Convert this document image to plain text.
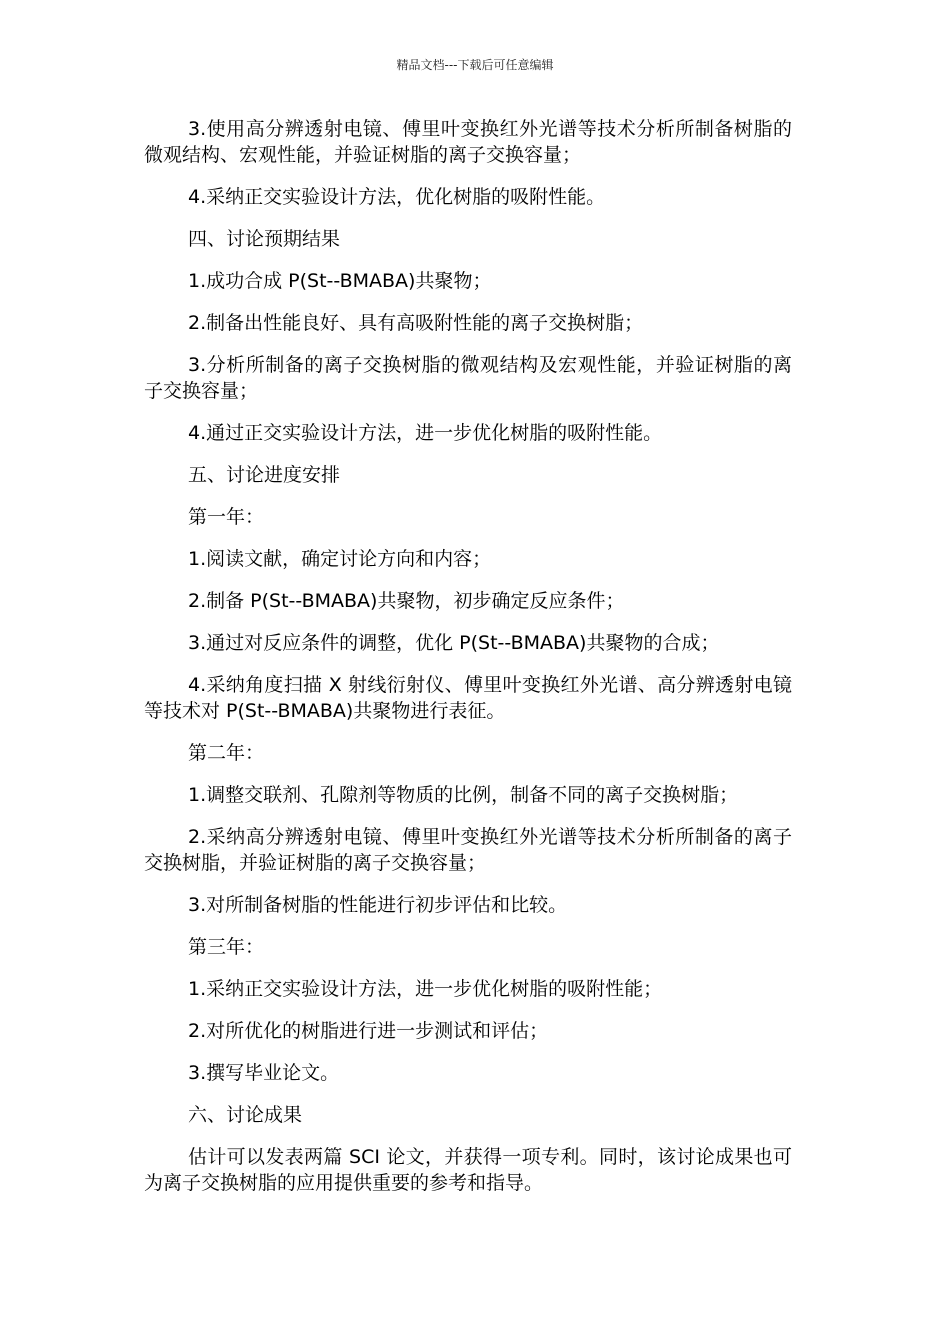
精品文档---下载后可任意编辑

3.使用高分辨透射电镜、傅里叶变换红外光谱等技术分析所制备树脂的微观结构、宏观性能，并验证树脂的离子交换容量；

4.采纳正交实验设计方法，优化树脂的吸附性能。

四、讨论预期结果

1.成功合成 P(St--BMABA)共聚物；

2.制备出性能良好、具有高吸附性能的离子交换树脂；

3.分析所制备的离子交换树脂的微观结构及宏观性能，并验证树脂的离子交换容量；

4.通过正交实验设计方法，进一步优化树脂的吸附性能。

五、讨论进度安排

第一年：

1.阅读文献，确定讨论方向和内容；

2.制备 P(St--BMABA)共聚物，初步确定反应条件；

3.通过对反应条件的调整，优化 P(St--BMABA)共聚物的合成；

4.采纳角度扫描 X 射线衍射仪、傅里叶变换红外光谱、高分辨透射电镜等技术对 P(St--BMABA)共聚物进行表征。

第二年：

1.调整交联剂、孔隙剂等物质的比例，制备不同的离子交换树脂；

2.采纳高分辨透射电镜、傅里叶变换红外光谱等技术分析所制备的离子交换树脂，并验证树脂的离子交换容量；

3.对所制备树脂的性能进行初步评估和比较。

第三年：

1.采纳正交实验设计方法，进一步优化树脂的吸附性能；

2.对所优化的树脂进行进一步测试和评估；

3.撰写毕业论文。

六、讨论成果

估计可以发表两篇 SCI 论文，并获得一项专利。同时，该讨论成果也可为离子交换树脂的应用提供重要的参考和指导。
